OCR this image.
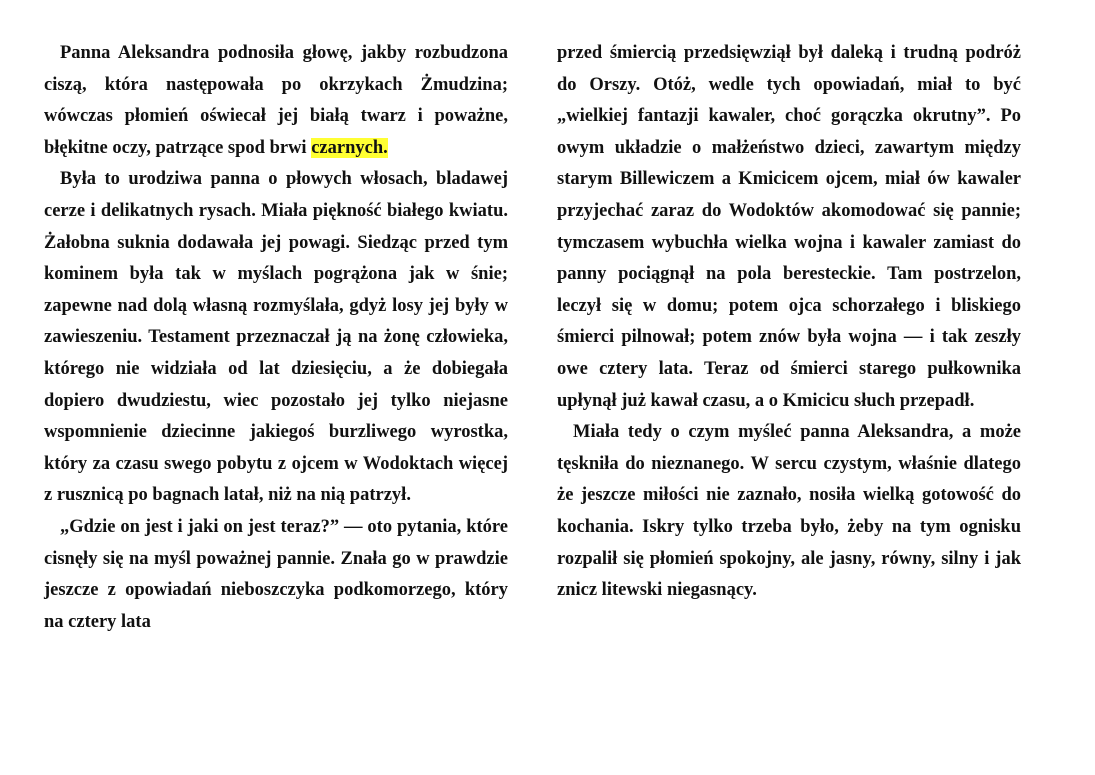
Panna Aleksandra podnosiła głowę, jakby rozbudzona ciszą, która następowała po okrzykach Żmudzina; wówczas płomień oświecał jej białą twarz i poważne, błękitne oczy, patrzące spod brwi czarnych.

Była to urodziwa panna o płowych włosach, bladawej cerze i delikatnych rysach. Miała piękność białego kwiatu. Żałobna suknia dodawała jej powagi. Siedząc przed tym kominem była tak w myślach pogrążona jak w śnie; zapewne nad dolą własną rozmyślała, gdyż losy jej były w zawieszeniu. Testament przeznaczał ją na żonę człowieka, którego nie widziała od lat dziesięciu, a że dobiegała dopiero dwudziestu, wiec pozostało jej tylko niejasne wspomnienie dziecinne jakiegoś burzliwego wyrostka, który za czasu swego pobytu z ojcem w Wodoktach więcej z rusznicą po bagnach latał, niż na nią patrzył.

„Gdzie on jest i jaki on jest teraz?” — oto pytania, które cisnęły się na myśl poważnej pannie. Znała go w prawdzie jeszcze z opowiadań nieboszczyka podkomorzego, który na cztery lata

przed śmiercią przedsięwziął był daleką i trudną podróż do Orszy. Otóż, wedle tych opowiadań, miał to być „wielkiej fantazji kawaler, choć gorączka okrutny”. Po owym układzie o małżeństwo dzieci, zawartym między starym Billewiczem a Kmicicem ojcem, miał ów kawaler przyjechać zaraz do Wodoktów akomodować się pannie; tymczasem wybuchła wielka wojna i kawaler zamiast do panny pociągnął na pola beresteckie. Tam postrzelon, leczył się w domu; potem ojca schorzałego i bliskiego śmierci pilnował; potem znów była wojna — i tak zeszły owe cztery lata. Teraz od śmierci starego pułkownika upłynął już kawał czasu, a o Kmicicu słuch przepadł.

Miała tedy o czym myśleć panna Aleksandra, a może tęskniła do nieznanego. W sercu czystym, właśnie dlatego że jeszcze miłości nie zaznało, nosiła wielką gotowość do kochania. Iskry tylko trzeba było, żeby na tym ognisku rozpalił się płomień spokojny, ale jasny, równy, silny i jak znicz litewski niegasnący.
